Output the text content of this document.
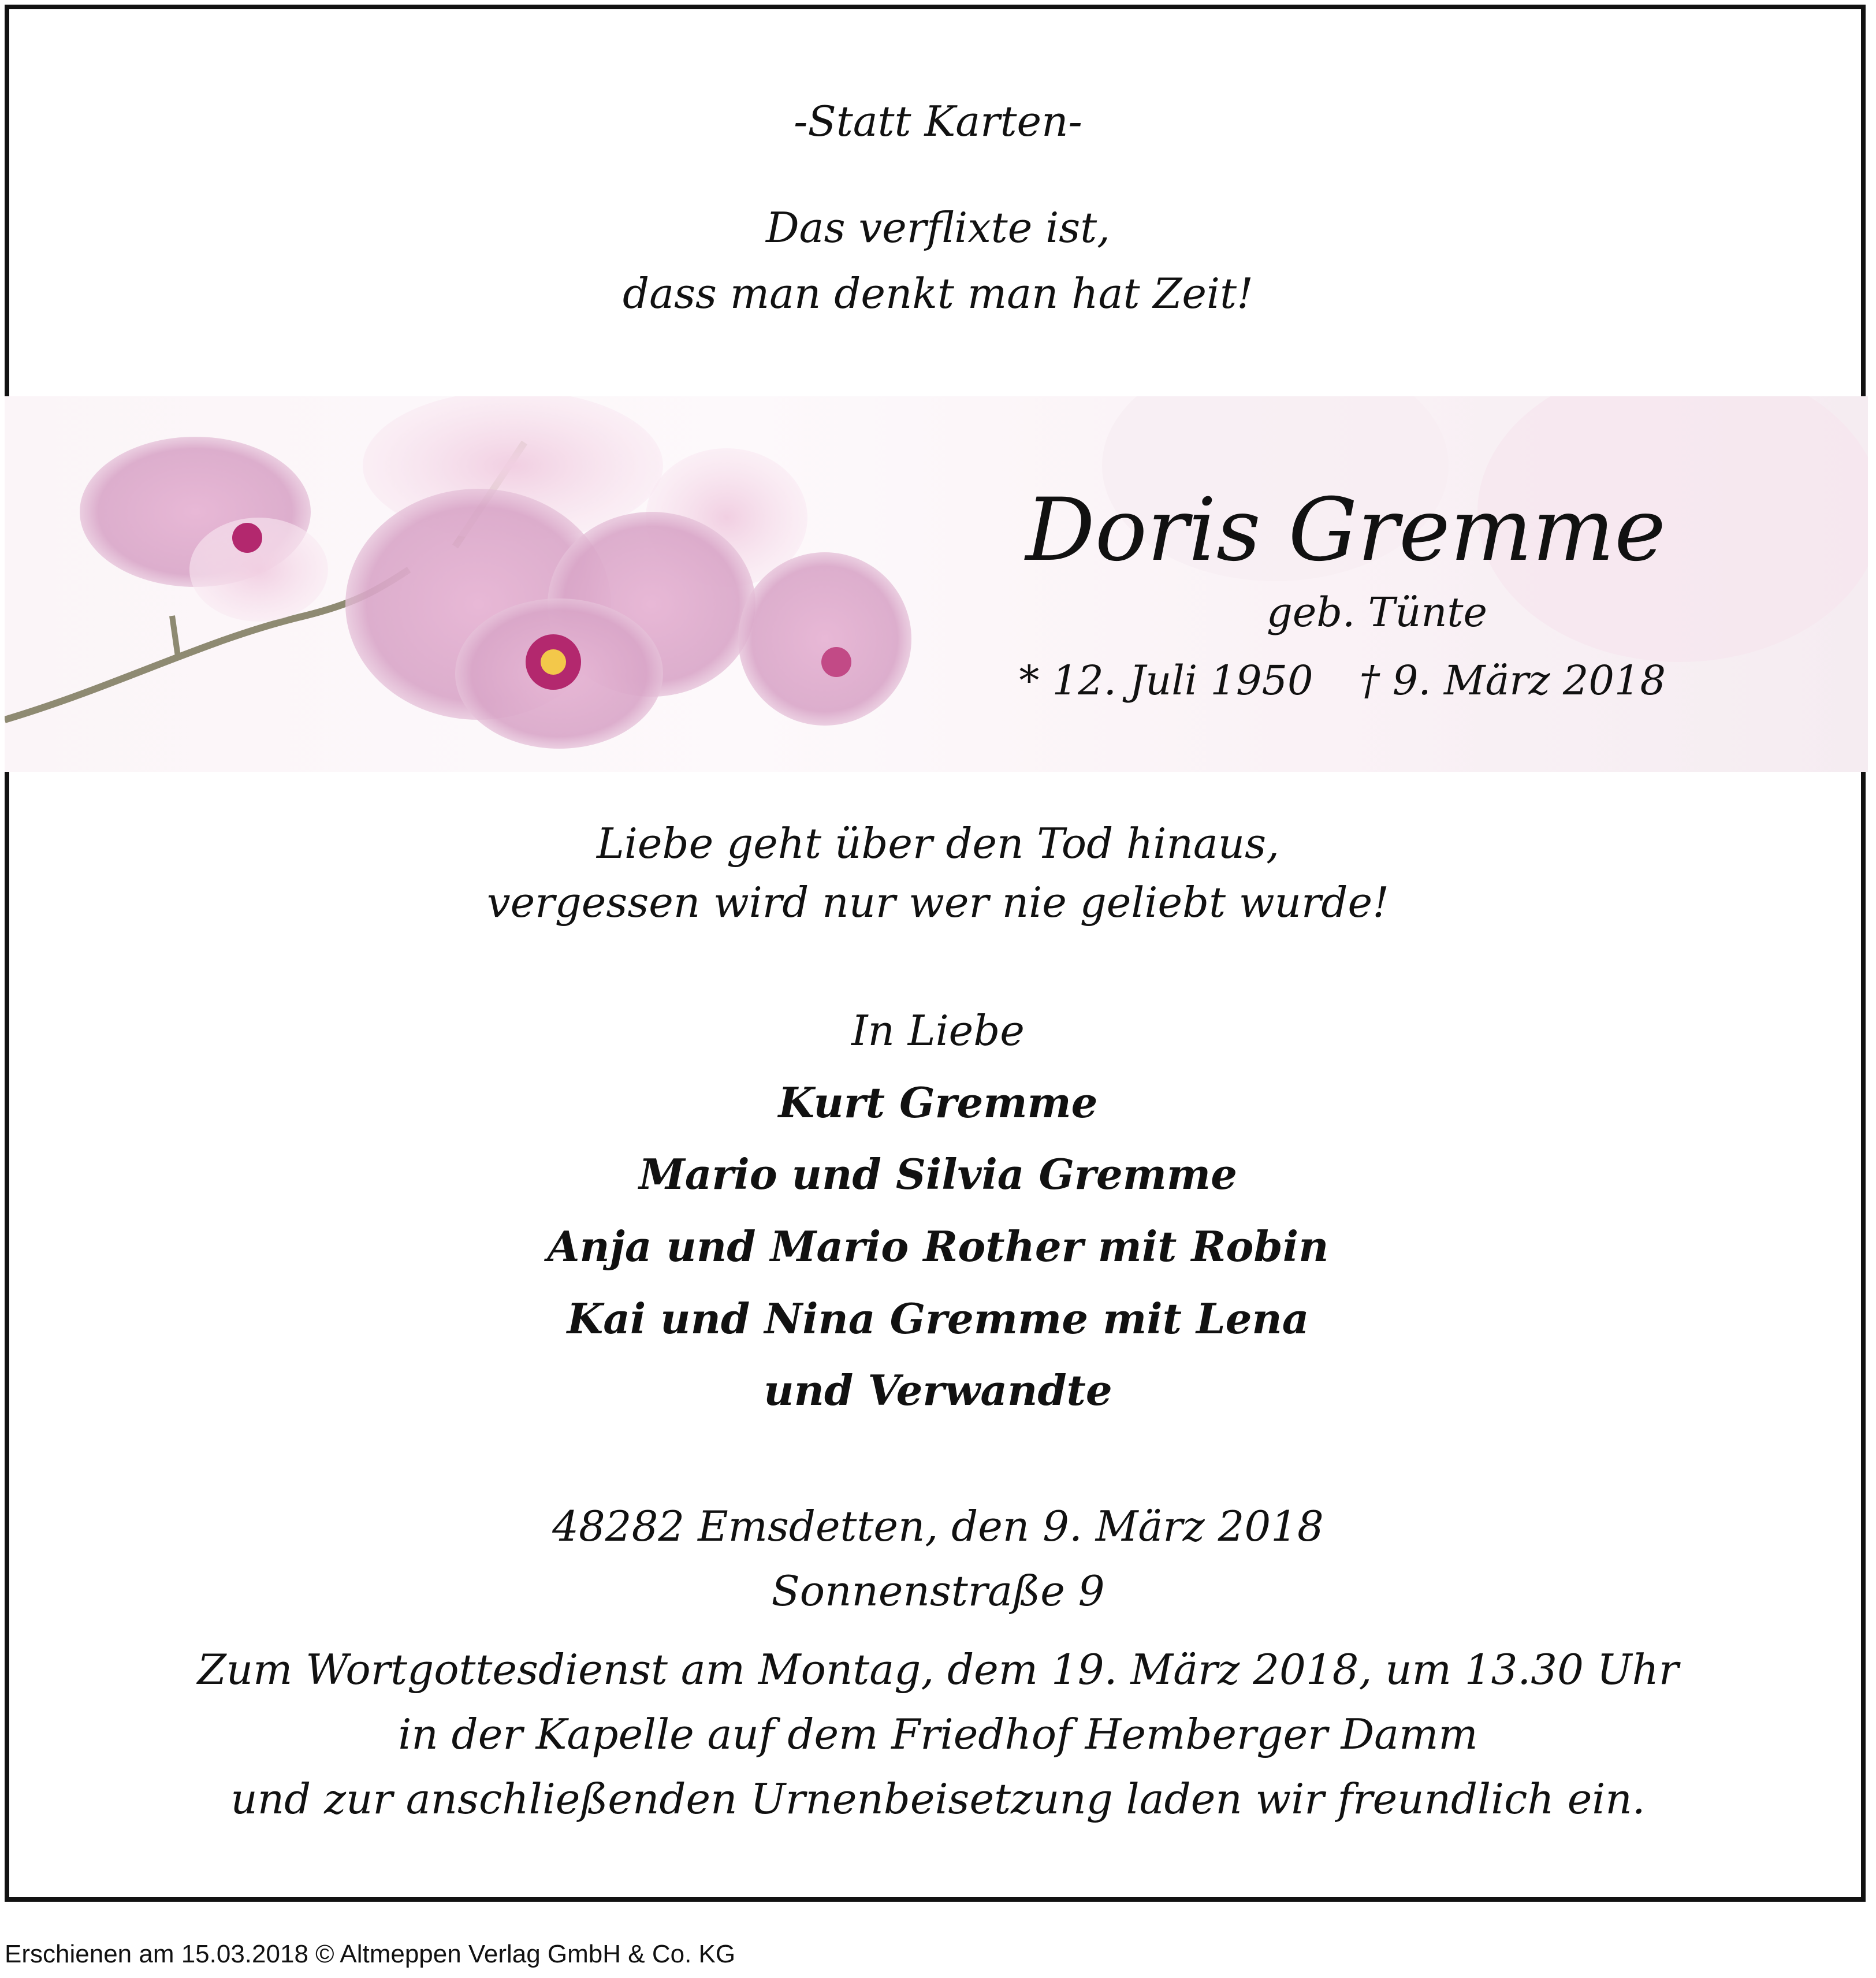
-Statt Karten-
Das verflixte ist,
dass man denkt man hat Zeit!
Doris Gremme
geb. Tünte
* 12. Juli 1950 † 9. März 2018
Liebe geht über den Tod hinaus,
vergessen wird nur wer nie geliebt wurde!
In Liebe
Kurt Gremme
Mario und Silvia Gremme
Anja und Mario Rother mit Robin
Kai und Nina Gremme mit Lena
und Verwandte
48282 Emsdetten, den 9. März 2018
Sonnenstraße 9
Zum Wortgottesdienst am Montag, dem 19. März 2018, um 13.30 Uhr
in der Kapelle auf dem Friedhof Hemberger Damm
und zur anschließenden Urnenbeisetzung laden wir freundlich ein.
Erschienen am 15.03.2018 © Altmeppen Verlag GmbH & Co. KG
